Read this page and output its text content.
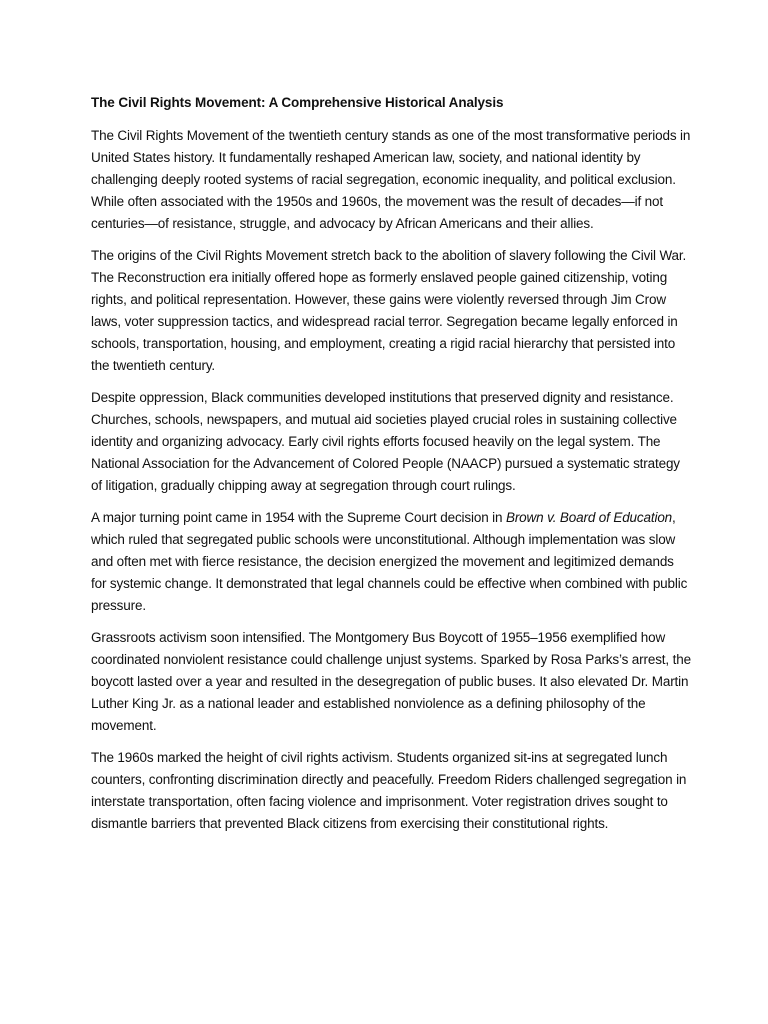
The Civil Rights Movement: A Comprehensive Historical Analysis

The Civil Rights Movement of the twentieth century stands as one of the most transformative periods in United States history. It fundamentally reshaped American law, society, and national identity by challenging deeply rooted systems of racial segregation, economic inequality, and political exclusion. While often associated with the 1950s and 1960s, the movement was the result of decades—if not centuries—of resistance, struggle, and advocacy by African Americans and their allies.

The origins of the Civil Rights Movement stretch back to the abolition of slavery following the Civil War. The Reconstruction era initially offered hope as formerly enslaved people gained citizenship, voting rights, and political representation. However, these gains were violently reversed through Jim Crow laws, voter suppression tactics, and widespread racial terror. Segregation became legally enforced in schools, transportation, housing, and employment, creating a rigid racial hierarchy that persisted into the twentieth century.

Despite oppression, Black communities developed institutions that preserved dignity and resistance. Churches, schools, newspapers, and mutual aid societies played crucial roles in sustaining collective identity and organizing advocacy. Early civil rights efforts focused heavily on the legal system. The National Association for the Advancement of Colored People (NAACP) pursued a systematic strategy of litigation, gradually chipping away at segregation through court rulings.

A major turning point came in 1954 with the Supreme Court decision in Brown v. Board of Education, which ruled that segregated public schools were unconstitutional. Although implementation was slow and often met with fierce resistance, the decision energized the movement and legitimized demands for systemic change. It demonstrated that legal channels could be effective when combined with public pressure.

Grassroots activism soon intensified. The Montgomery Bus Boycott of 1955–1956 exemplified how coordinated nonviolent resistance could challenge unjust systems. Sparked by Rosa Parks’s arrest, the boycott lasted over a year and resulted in the desegregation of public buses. It also elevated Dr. Martin Luther King Jr. as a national leader and established nonviolence as a defining philosophy of the movement.

The 1960s marked the height of civil rights activism. Students organized sit-ins at segregated lunch counters, confronting discrimination directly and peacefully. Freedom Riders challenged segregation in interstate transportation, often facing violence and imprisonment. Voter registration drives sought to dismantle barriers that prevented Black citizens from exercising their constitutional rights.
